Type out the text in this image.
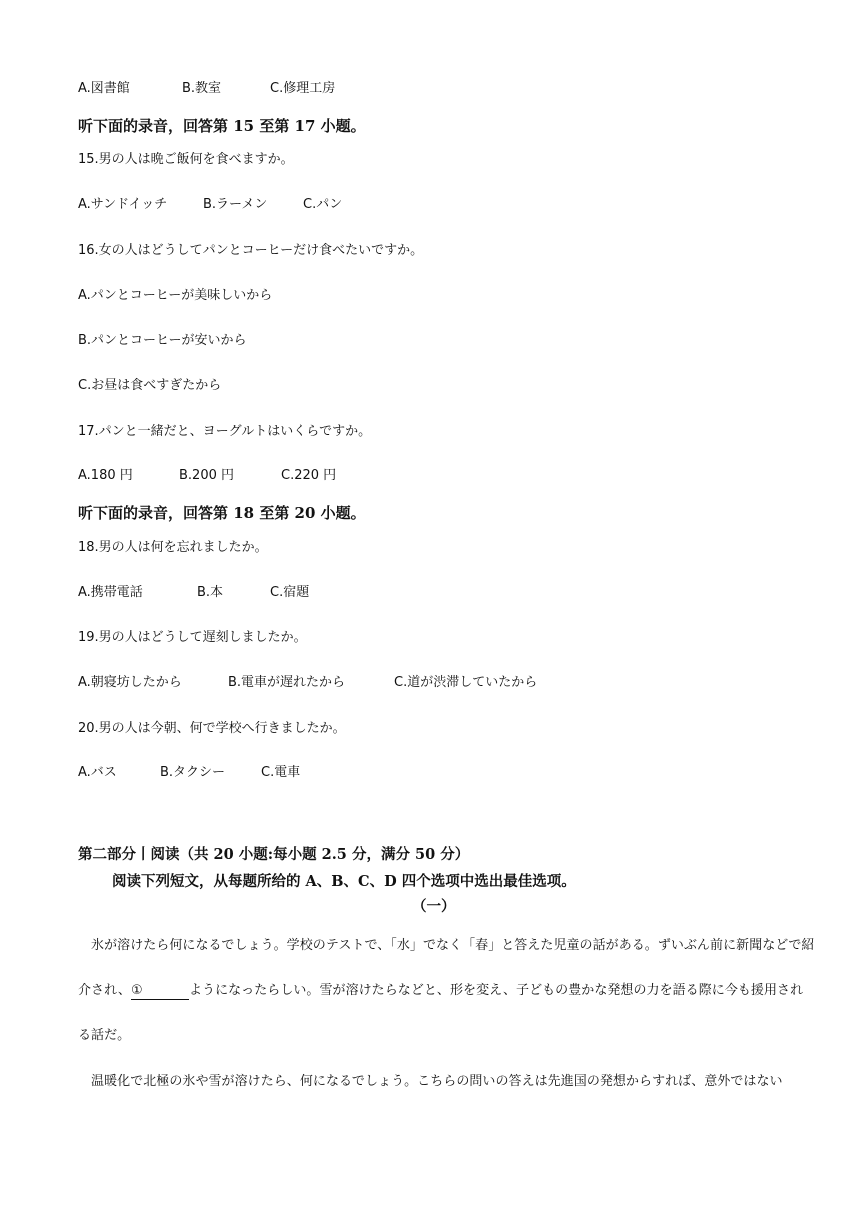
A.図書館	B.教室	C.修理工房
听下面的录音，回答第 15 至第 17 小题。
15.男の人は晩ご飯何を食べますか。
A.サンドイッチ	B.ラーメン	C.パン
16.女の人はどうしてパンとコーヒーだけ食べたいですか。
A.パンとコーヒーが美味しいから
B.パンとコーヒーが安いから
C.お昼は食べすぎたから
17.パンと一緒だと、ヨーグルトはいくらですか。
A.180 円	B.200 円	C.220 円
听下面的录音，回答第 18 至第 20 小题。
18.男の人は何を忘れましたか。
A.携帯電話	B.本	C.宿題
19.男の人はどうして遅刻しましたか。
A.朝寝坊したから	B.電車が遅れたから	C.道が渋滞していたから
20.男の人は今朝、何で学校へ行きましたか。
A.バス	B.タクシー	C.電車
第二部分丨阅读（共 20 小题:每小题 2.5 分，满分 50 分）
阅读下列短文，从每题所给的 A、B、C、D 四个选项中选出最佳选项。
（一）
　氷が溶けたら何になるでしょう。学校のテストで、「水」でなく「春」と答えた児童の話がある。ずいぶん前に新聞などで紹
介され、①	ようになったらしい。雪が溶けたらなどと、形を変え、子どもの豊かな発想の力を語る際に今も援用され
る話だ。
　温暖化で北極の氷や雪が溶けたら、何になるでしょう。こちらの問いの答えは先進国の発想からすれば、意外ではない
